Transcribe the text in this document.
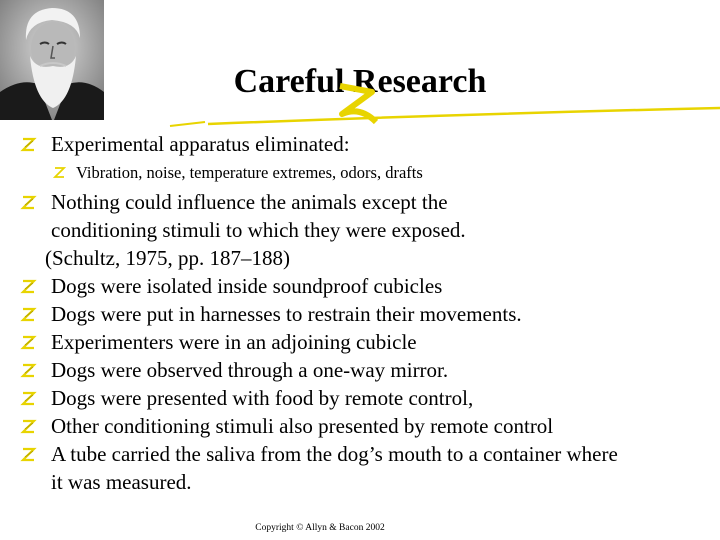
Careful Research
Experimental apparatus eliminated:
Vibration, noise, temperature extremes, odors, drafts
Nothing could influence the animals except the
conditioning stimuli to which they were exposed.
(Schultz, 1975, pp. 187–188)
Dogs were isolated inside soundproof cubicles
Dogs were put in harnesses to restrain their movements.
Experimenters were in an adjoining cubicle
Dogs were observed through a one-way mirror.
Dogs were presented with food by remote control,
Other conditioning stimuli also presented by remote control
A tube carried the saliva from the dog’s mouth to a container where
it was measured.
Copyright © Allyn & Bacon 2002
